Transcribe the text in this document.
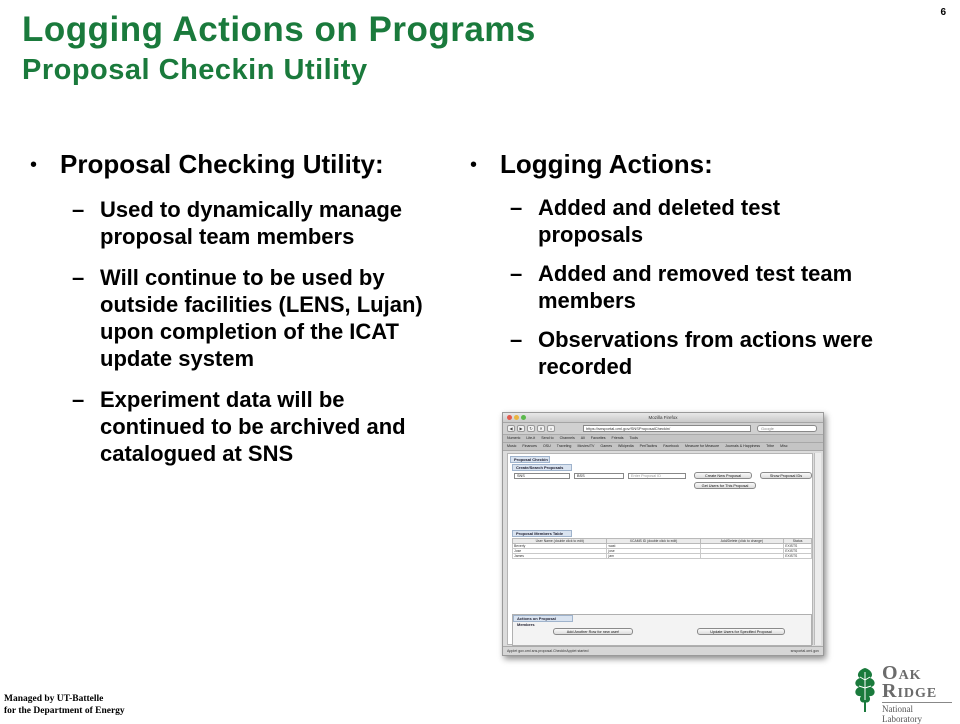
6
Logging Actions on Programs
Proposal Checkin Utility
• Proposal Checking Utility:
– Used to dynamically manage proposal team members
– Will continue to be used by outside facilities (LENS, Lujan) upon completion of the ICAT update system
– Experiment data will be continued to be archived and catalogued at SNS
• Logging Actions:
– Added and deleted test proposals
– Added and removed test team members
– Observations from actions were recorded
Mozilla Firefox
◀	▶	↻	✕	⌂	https://snsportal.ornl.gov/SNSProposalCheckin/	Google
Numeric Lite-it Send to Channels Ali Favorites Friends Tools
Music Finances OSU Traveling Movies/TV Games Wikipedia PeriTacitns Facebook Measure for Measure Journals & Happiness Tribe Misc
Proposal Checkin
Create/Search Proposals
SNS	BSS	Enter Proposal ID	Create New Proposal	Show Proposal IDs
Get Users for This Proposal
Proposal Members Table
User Name (double click to edit)	XCAMS ID (double click to edit)	Add/Delete (click to change)	Status
Beverly	wast		EXISTS
Jose	jose		EXISTS
James	jam		EXISTS
Actions on Proposal Members
Add Another Row for new user!	Update Users for Specified Proposal
Applet gov.ornl.sns.proposal.CheckInApplet started	snsportal.ornl.gov
Managed by UT-Battelle
for the Department of Energy
OAK
RIDGE
National Laboratory
